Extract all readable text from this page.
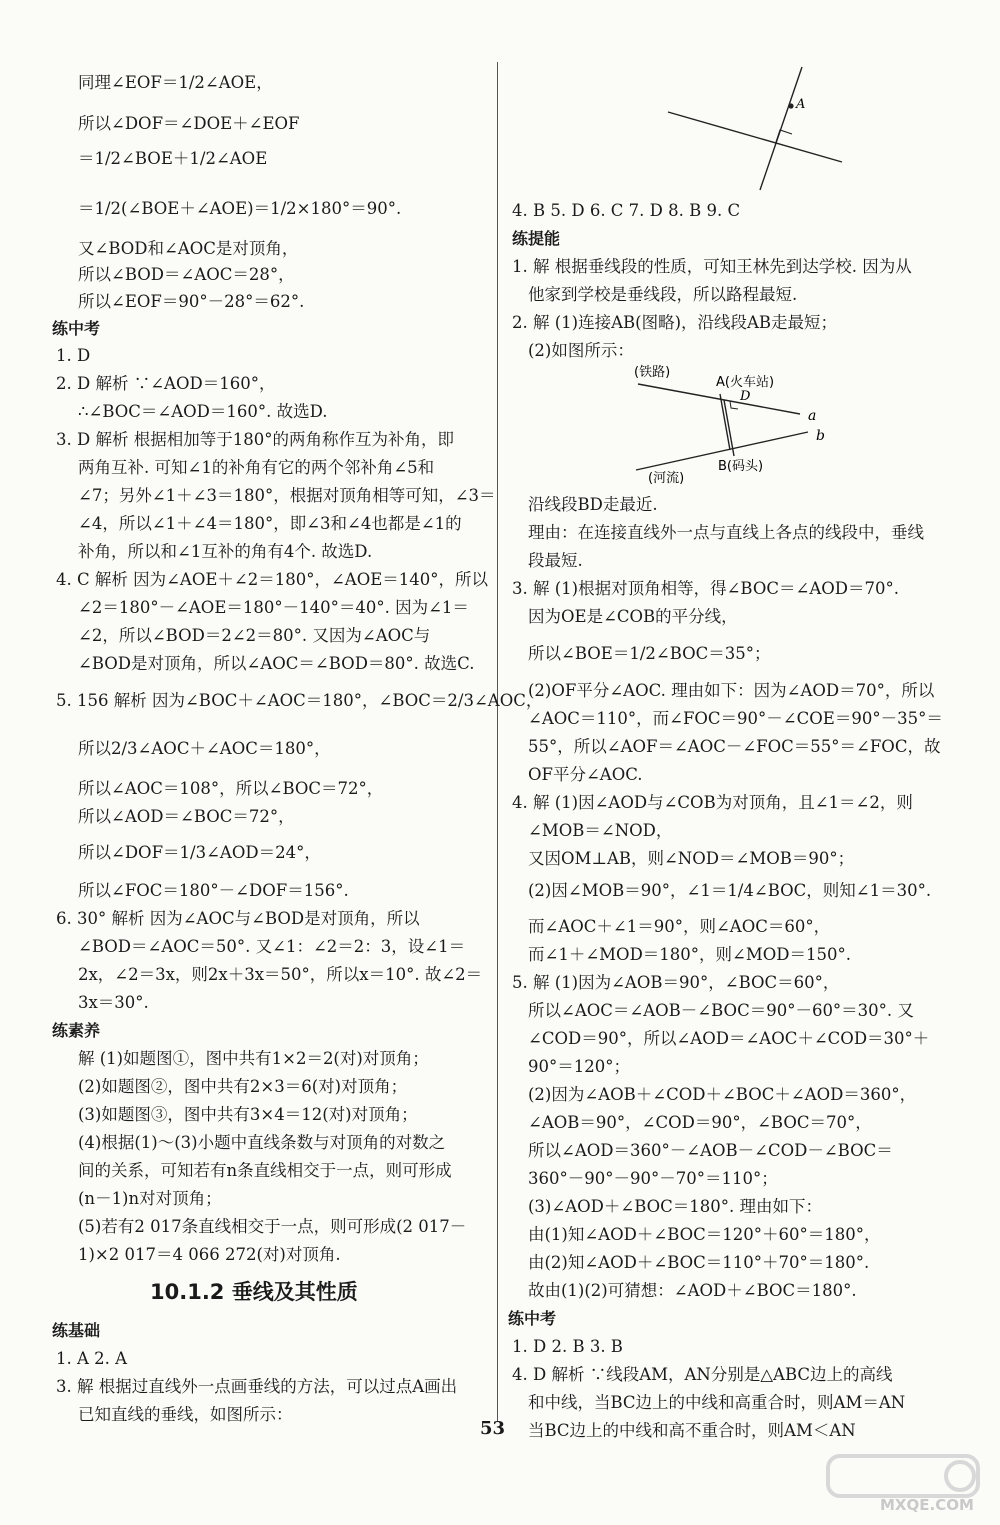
同理∠EOF＝1/2∠AOE，
所以∠DOF＝∠DOE＋∠EOF
＝1/2∠BOE＋1/2∠AOE
＝1/2(∠BOE＋∠AOE)＝1/2×180°＝90°.
又∠BOD和∠AOC是对顶角，
所以∠BOD＝∠AOC＝28°，
所以∠EOF＝90°－28°＝62°.
练中考
1. D
2. D 解析 ∵∠AOD＝160°，
∴∠BOC＝∠AOD＝160°. 故选D.
3. D 解析 根据相加等于180°的两角称作互为补角，即
两角互补. 可知∠1的补角有它的两个邻补角∠5和
∠7；另外∠1＋∠3＝180°，根据对顶角相等可知，∠3＝
∠4，所以∠1＋∠4＝180°，即∠3和∠4也都是∠1的
补角，所以和∠1互补的角有4个. 故选D.
4. C 解析 因为∠AOE＋∠2＝180°，∠AOE＝140°，所以
∠2＝180°－∠AOE＝180°－140°＝40°. 因为∠1＝
∠2，所以∠BOD＝2∠2＝80°. 又因为∠AOC与
∠BOD是对顶角，所以∠AOC＝∠BOD＝80°. 故选C.
5. 156 解析 因为∠BOC＋∠AOC＝180°，∠BOC＝2/3∠AOC，
所以2/3∠AOC＋∠AOC＝180°，
所以∠AOC＝108°，所以∠BOC＝72°，
所以∠AOD＝∠BOC＝72°，
所以∠DOF＝1/3∠AOD＝24°，
所以∠FOC＝180°－∠DOF＝156°.
6. 30° 解析 因为∠AOC与∠BOD是对顶角，所以
∠BOD＝∠AOC＝50°. 又∠1：∠2＝2：3，设∠1＝
2x，∠2＝3x，则2x＋3x＝50°，所以x＝10°. 故∠2＝
3x＝30°.
练素养
解 (1)如题图①，图中共有1×2＝2(对)对顶角；
(2)如题图②，图中共有2×3＝6(对)对顶角；
(3)如题图③，图中共有3×4＝12(对)对顶角；
(4)根据(1)～(3)小题中直线条数与对顶角的对数之
间的关系，可知若有n条直线相交于一点，则可形成
(n－1)n对对顶角；
(5)若有2 017条直线相交于一点，则可形成(2 017－
1)×2 017＝4 066 272(对)对顶角.
10.1.2 垂线及其性质
练基础
1. A 2. A
3. 解 根据过直线外一点画垂线的方法，可以过点A画出
已知直线的垂线，如图所示：
A
4. B 5. D 6. C 7. D 8. B 9. C
练提能
1. 解 根据垂线段的性质，可知王林先到达学校. 因为从
他家到学校是垂线段，所以路程最短.
2. 解 (1)连接AB(图略)，沿线段AB走最短；
(2)如图所示：
(铁路)
A(火车站)
D
a
b
(河流)
B(码头)
沿线段BD走最近.
理由：在连接直线外一点与直线上各点的线段中，垂线
段最短.
3. 解 (1)根据对顶角相等，得∠BOC＝∠AOD＝70°.
因为OE是∠COB的平分线，
所以∠BOE＝1/2∠BOC＝35°；
(2)OF平分∠AOC. 理由如下：因为∠AOD＝70°，所以
∠AOC＝110°，而∠FOC＝90°－∠COE＝90°－35°＝
55°，所以∠AOF＝∠AOC－∠FOC＝55°＝∠FOC，故
OF平分∠AOC.
4. 解 (1)因∠AOD与∠COB为对顶角，且∠1＝∠2，则
∠MOB＝∠NOD，
又因OM⊥AB，则∠NOD＝∠MOB＝90°；
(2)因∠MOB＝90°，∠1＝1/4∠BOC，则知∠1＝30°.
而∠AOC＋∠1＝90°，则∠AOC＝60°，
而∠1＋∠MOD＝180°，则∠MOD＝150°.
5. 解 (1)因为∠AOB＝90°，∠BOC＝60°，
所以∠AOC＝∠AOB－∠BOC＝90°－60°＝30°. 又
∠COD＝90°，所以∠AOD＝∠AOC＋∠COD＝30°＋
90°＝120°；
(2)因为∠AOB＋∠COD＋∠BOC＋∠AOD＝360°，
∠AOB＝90°，∠COD＝90°，∠BOC＝70°，
所以∠AOD＝360°－∠AOB－∠COD－∠BOC＝
360°－90°－90°－70°＝110°；
(3)∠AOD＋∠BOC＝180°. 理由如下：
由(1)知∠AOD＋∠BOC＝120°＋60°＝180°，
由(2)知∠AOD＋∠BOC＝110°＋70°＝180°.
故由(1)(2)可猜想：∠AOD＋∠BOC＝180°.
练中考
1. D 2. B 3. B
4. D 解析 ∵线段AM，AN分别是△ABC边上的高线
和中线，当BC边上的中线和高重合时，则AM＝AN
当BC边上的中线和高不重合时，则AM＜AN
53
MXQE.COM
